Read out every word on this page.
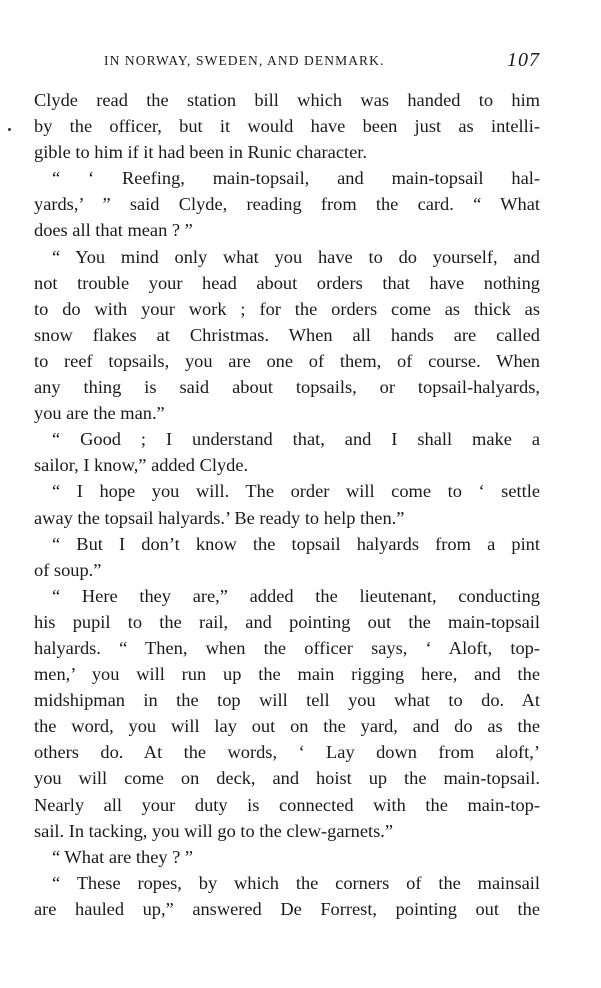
IN NORWAY, SWEDEN, AND DENMARK.	107
Clyde read the station bill which was handed to him
by the officer, but it would have been just as intelli-
gible to him if it had been in Runic character.
“ ‘ Reefing, main-topsail, and main-topsail hal-
yards,’ ” said Clyde, reading from the card. “ What
does all that mean ? ”
“ You mind only what you have to do yourself, and
not trouble your head about orders that have nothing
to do with your work ; for the orders come as thick as
snow flakes at Christmas. When all hands are called
to reef topsails, you are one of them, of course. When
any thing is said about topsails, or topsail-halyards,
you are the man.”
“ Good ; I understand that, and I shall make a
sailor, I know,” added Clyde.
“ I hope you will. The order will come to ‘ settle
away the topsail halyards.’ Be ready to help then.”
“ But I don’t know the topsail halyards from a pint
of soup.”
“ Here they are,” added the lieutenant, conducting
his pupil to the rail, and pointing out the main-topsail
halyards. “ Then, when the officer says, ‘ Aloft, top-
men,’ you will run up the main rigging here, and the
midshipman in the top will tell you what to do. At
the word, you will lay out on the yard, and do as the
others do. At the words, ‘ Lay down from aloft,’
you will come on deck, and hoist up the main-topsail.
Nearly all your duty is connected with the main-top-
sail. In tacking, you will go to the clew-garnets.”
“ What are they ? ”
“ These ropes, by which the corners of the mainsail
are hauled up,” answered De Forrest, pointing out the
